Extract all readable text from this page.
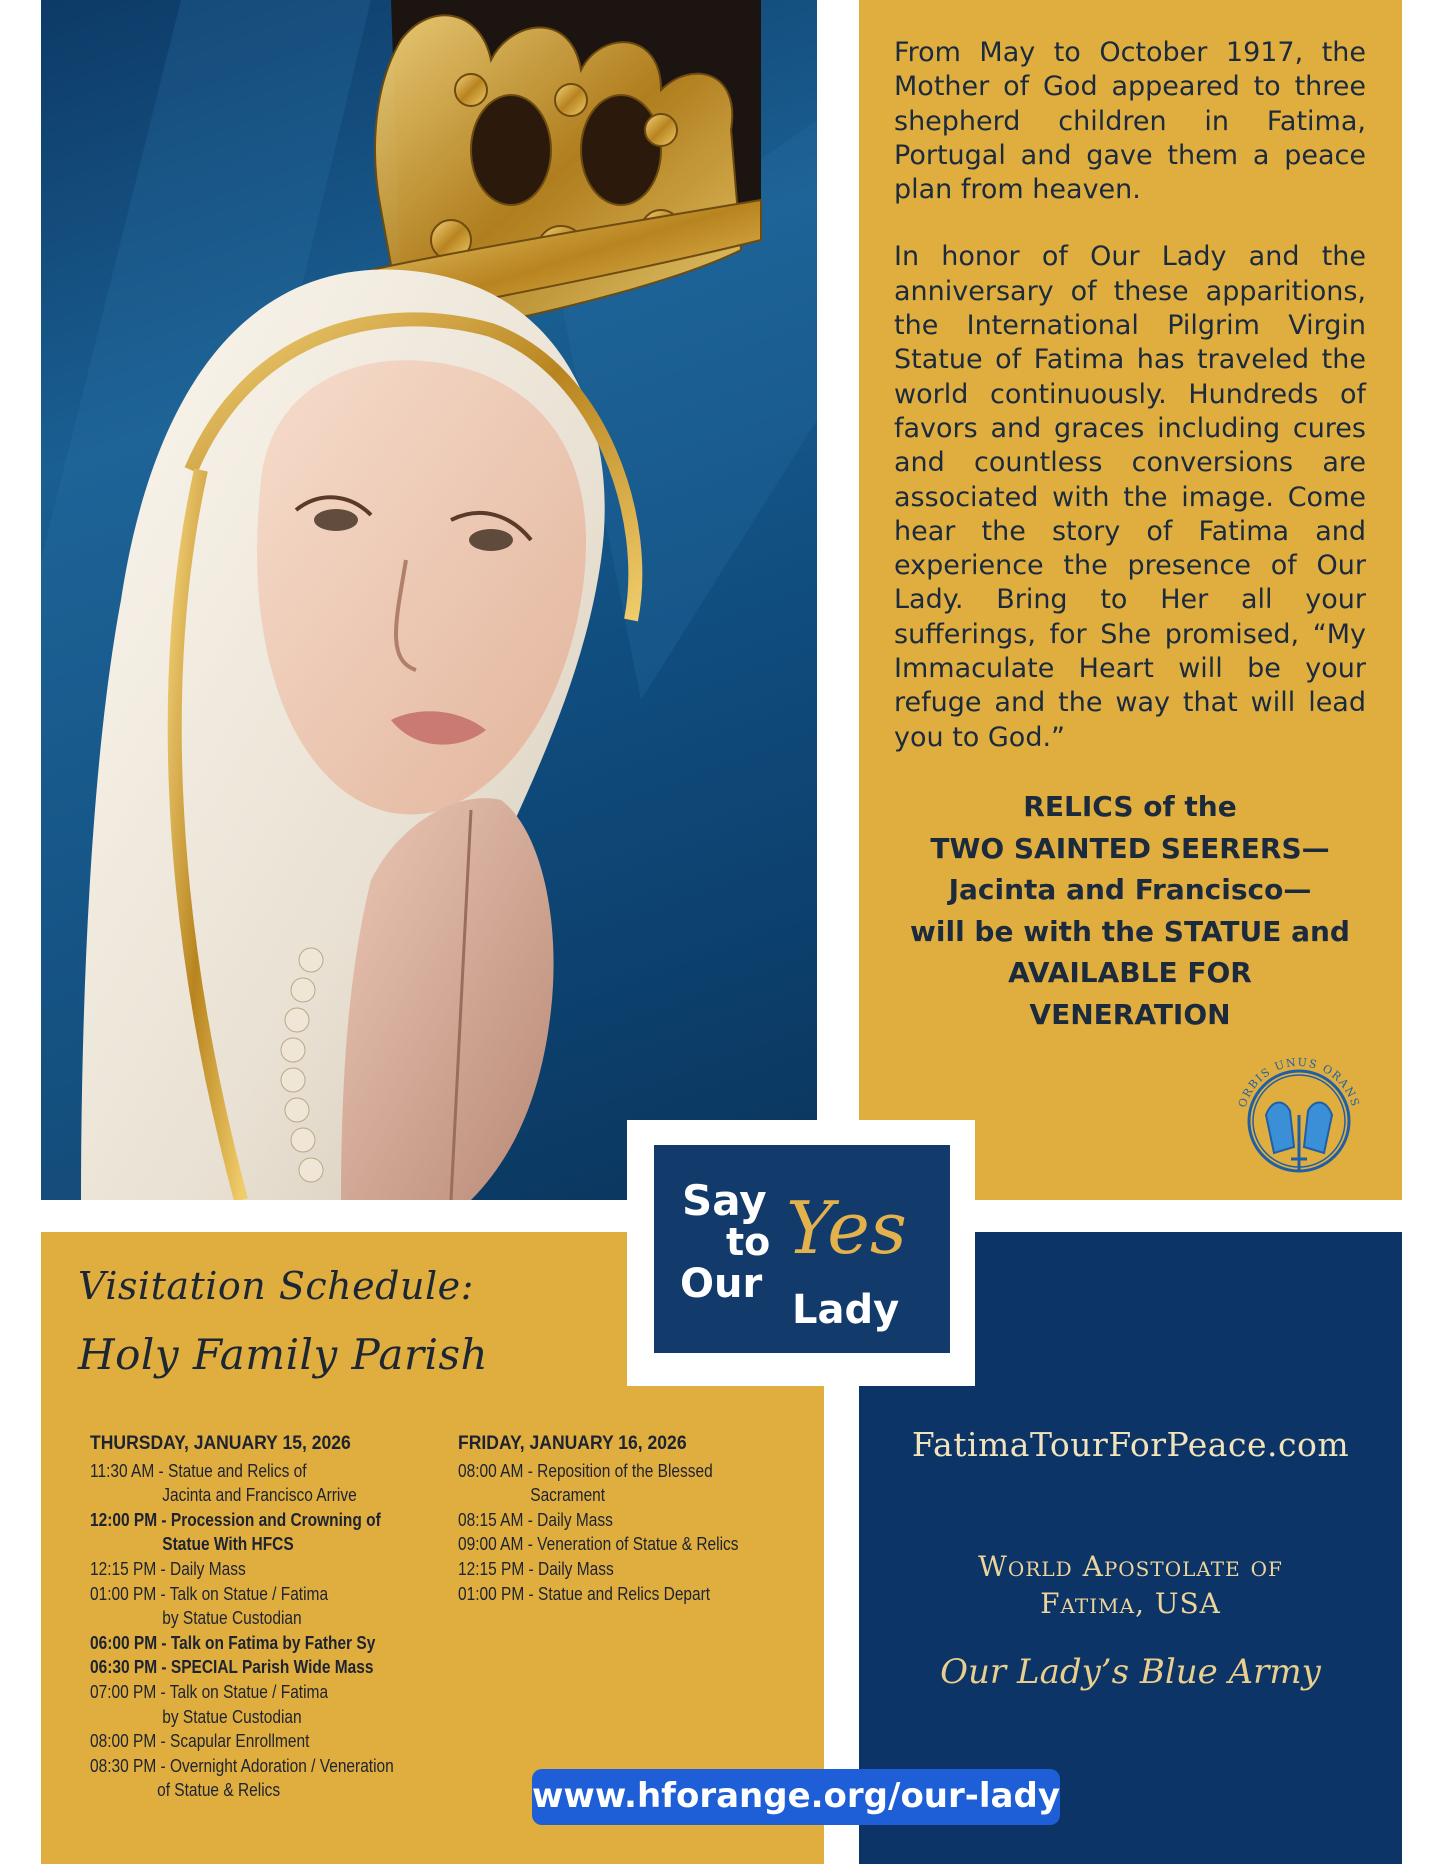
From May to October 1917, the Mother of God appeared to three shepherd children in Fatima, Portugal and gave them a peace plan from heaven.

In honor of Our Lady and the anniversary of these apparitions, the International Pilgrim Virgin Statue of Fatima has traveled the world continuously. Hundreds of favors and graces including cures and countless conversions are associated with the image. Come hear the story of Fatima and experience the presence of Our Lady. Bring to Her all your sufferings, for She promised, “My Immaculate Heart will be your refuge and the way that will lead you to God.”

RELICS of the
TWO SAINTED SEERERS—
Jacinta and Francisco—
will be with the STATUE and
AVAILABLE FOR
VENERATION
ORBIS UNUS ORANS
Visitation Schedule:
Holy Family Parish
THURSDAY, JANUARY 15, 2026
11:30 AM - Statue and Relics of
Jacinta and Francisco Arrive
12:00 PM - Procession and Crowning of
Statue With HFCS
12:15 PM - Daily Mass
01:00 PM - Talk on Statue / Fatima
by Statue Custodian
06:00 PM - Talk on Fatima by Father Sy
06:30 PM - SPECIAL Parish Wide Mass
07:00 PM - Talk on Statue / Fatima
by Statue Custodian
08:00 PM - Scapular Enrollment
08:30 PM - Overnight Adoration / Veneration
of Statue & Relics
FRIDAY, JANUARY 16, 2026
08:00 AM - Reposition of the Blessed
Sacrament
08:15 AM - Daily Mass
09:00 AM - Veneration of Statue & Relics
12:15 PM - Daily Mass
01:00 PM - Statue and Relics Depart
FatimaTourForPeace.com
World Apostolate of
Fatima, USA
Our Lady’s Blue Army
Say
to Yes
Our
Lady
www.hforange.org/our-lady
